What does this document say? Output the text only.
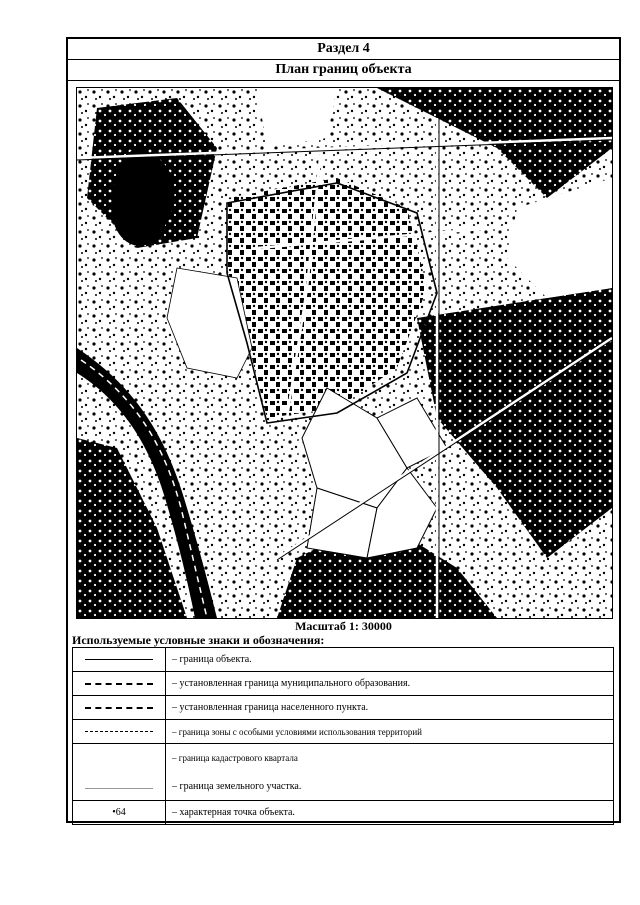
Раздел 4
План границ объекта
Масштаб 1: 30000
Используемые условные знаки и обозначения:
	– граница объекта.
	– установленная граница муниципального образования.
	– установленная граница населенного пункта.
	– граница зоны с особыми условиями использования территорий
	– граница кадастрового квартала
	– граница земельного участка.
•64	– характерная точка объекта.
